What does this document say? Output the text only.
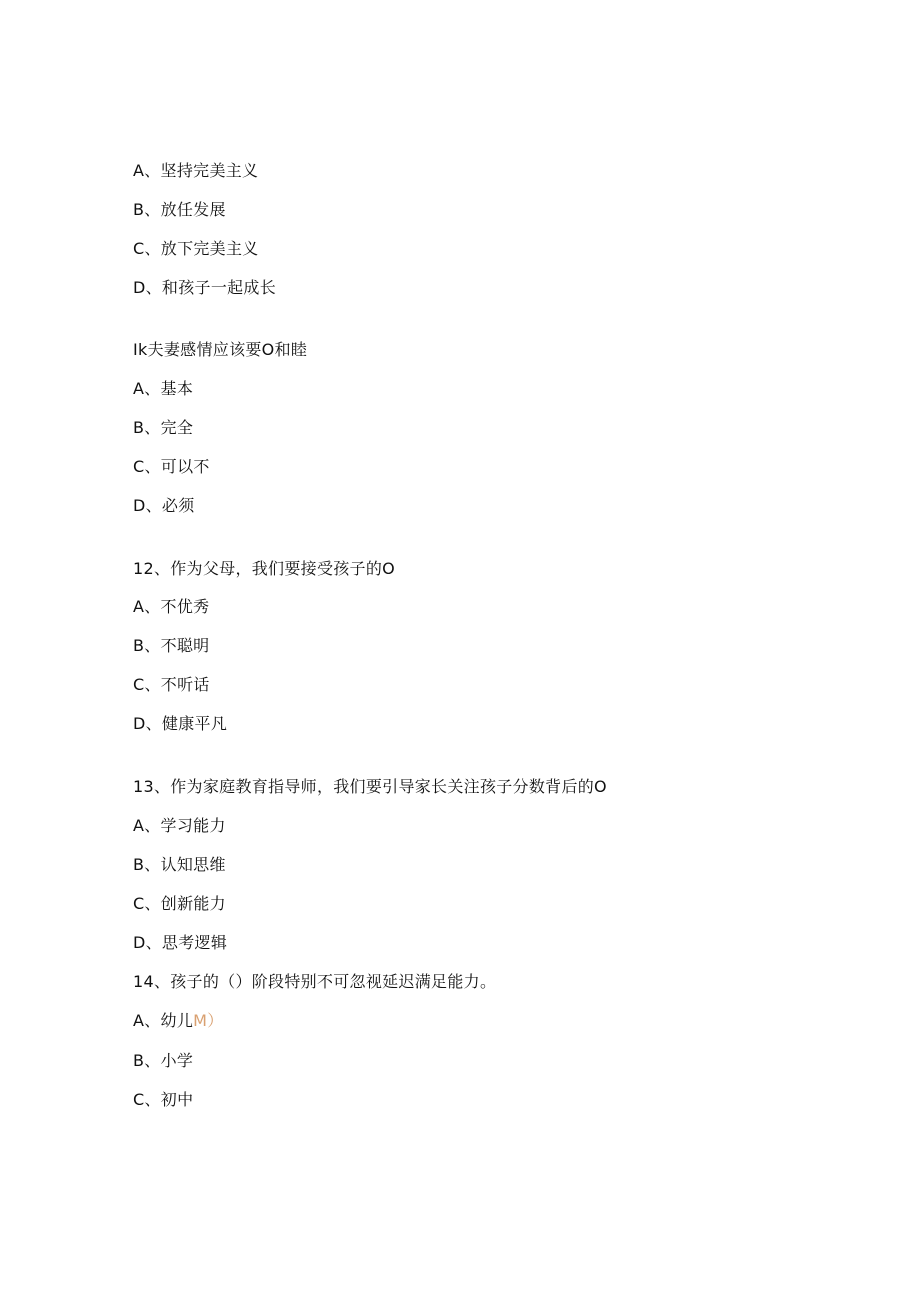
A、坚持完美主义
B、放任发展
C、放下完美主义
D、和孩子一起成长
Ik夫妻感情应该要O和睦
A、基本
B、完全
C、可以不
D、必须
12、作为父母，我们要接受孩子的O
A、不优秀
B、不聪明
C、不听话
D、健康平凡
13、作为家庭教育指导师，我们要引导家长关注孩子分数背后的O
A、学习能力
B、认知思维
C、创新能力
D、思考逻辑
14、孩子的（）阶段特别不可忽视延迟满足能力。
A、幼儿M）
B、小学
C、初中
